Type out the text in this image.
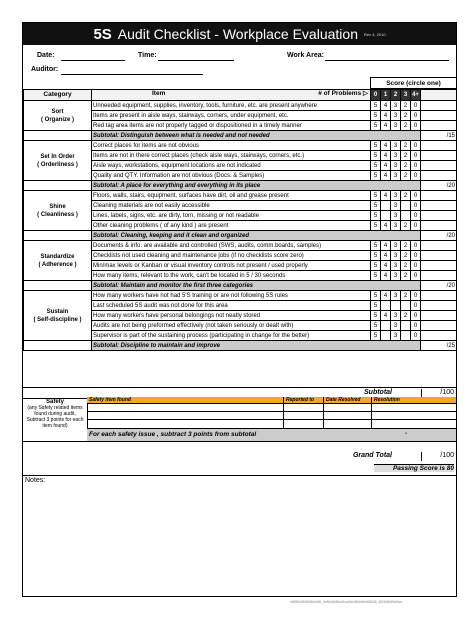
5S Audit Checklist - Workplace Evaluation Rev 4, 2010
Date:	Time:	Work Area:
Auditor:
Score (circle one)
Category	Item # of Problems ▷	0	1	2	3	4+	
Sort
( Organize )	Unneeded equipment, supplies, inventory, tools, furniture, etc. are present anywhere	5	4	3	2	0	
	Items are present in aisle ways, stairways, corners, under equipment, etc.	5	4	3	2	0	
	Red tag area items are not properly tagged or dispositioned in a timely manner	5	4	3	2	0	
	Subtotal: Distinguish between what is needed and not needed						/15
Set In Order
( Orderliness )	Correct places for items are not obvious	5	4	3	2	0	
	Items are not in there correct places (check aisle ways, stairways, corners, etc.)	5	4	3	2	0	
	Aisle ways, workstations, equipment locations are not indicated	5	4	3	2	0	
	Quality and QTY. Information are not obvious (Docs. & Samples)	5	4	3	2	0	
	Subtotal: A place for everything and everything in its place						/20
Shine
( Cleanliness )	Floors, walls, stairs, equipment, surfaces have dirt, oil and grease present	5	4	3	2	0	
	Cleaning materials are not easily accessible	5		3		0	
	Lines, labels, signs, etc. are dirty, torn, missing or not readable	5		3		0	
	Other cleaning problems ( of any kind ) are present	5	4	3	2	0	
	Subtotal: Cleaning, keeping and it clean and organized						/20
Standardize
( Adherence )	Documents & info. are available and controlled (SWS, audits, comm.boards, samples)	5	4	3	2	0	
	Checklists not used cleaning and maintenance jobs (if no checklists score zero)	5	4	3	2	0	
	Min/max levels or Kanban or visual inventory controls not present / used properly	5	4	3	2	0	
	How many items, relevant to the work, can't be located in 5 / 30 seconds	5	4	3	2	0	
	Subtotal: Maintain and monitor the first three categories						/20
Sustain
( Self-discipline )	How many workers have not had 5'S training or are not following 5S rules	5	4	3	2	0	
	Last scheduled 5S audit was not done for this area	5				0	
	How many workers have personal belongings not neatly stored	5	4	3	2	0	
	Audits are not being preformed effectively (not taken seriously or dealt with)	5		3		0	
	Supervisor is part of the sustaining process (participating in change for the better)	5		3		0	
	Subtotal: Discipline to maintain and improve						/25
Subtotal	/100
Safety
(any Safety related items found during audit, Subtract 3 points for each item found)
Safety item found	Reported to	Date Resolved	Resolution
For each safety issue , subtract 3 points from subtotal	-
Grand Total	/100
Passing Score is 80
Notes:
h8880f48f3f48bbd8f_fmfb0d6f8a1fba48e48bb8eb88b36_8809d5d5d5da
